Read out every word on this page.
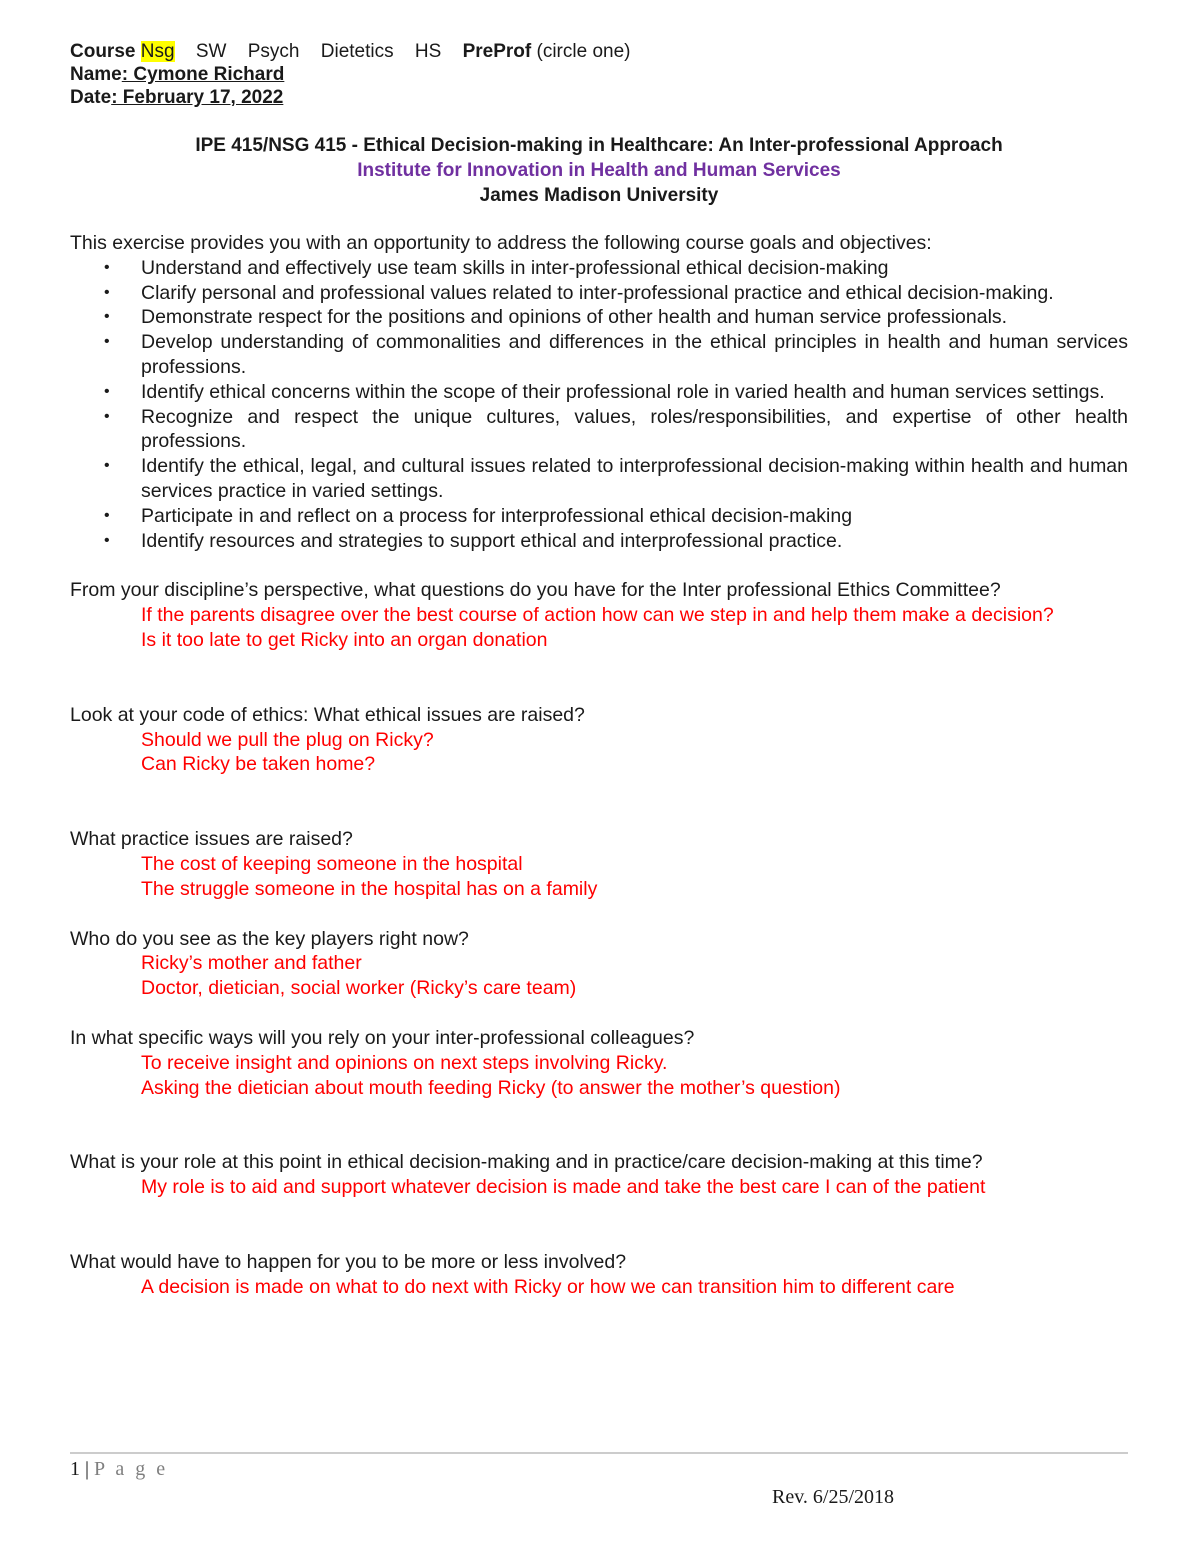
Course Nsg SW Psych Dietetics HS PreProf (circle one)
Name: Cymone Richard
Date: February 17, 2022
IPE 415/NSG 415 - Ethical Decision-making in Healthcare: An Inter-professional Approach
Institute for Innovation in Health and Human Services
James Madison University
This exercise provides you with an opportunity to address the following course goals and objectives:
• Understand and effectively use team skills in inter-professional ethical decision-making
• Clarify personal and professional values related to inter-professional practice and ethical decision-making.
• Demonstrate respect for the positions and opinions of other health and human service professionals.
• Develop understanding of commonalities and differences in the ethical principles in health and human services professions.
• Identify ethical concerns within the scope of their professional role in varied health and human services settings.
• Recognize and respect the unique cultures, values, roles/responsibilities, and expertise of other health professions.
• Identify the ethical, legal, and cultural issues related to interprofessional decision-making within health and human services practice in varied settings.
• Participate in and reflect on a process for interprofessional ethical decision-making
• Identify resources and strategies to support ethical and interprofessional practice.
From your discipline’s perspective, what questions do you have for the Inter professional Ethics Committee?
If the parents disagree over the best course of action how can we step in and help them make a decision?
Is it too late to get Ricky into an organ donation
Look at your code of ethics: What ethical issues are raised?
Should we pull the plug on Ricky?
Can Ricky be taken home?
What practice issues are raised?
The cost of keeping someone in the hospital
The struggle someone in the hospital has on a family
Who do you see as the key players right now?
Ricky’s mother and father
Doctor, dietician, social worker (Ricky’s care team)
In what specific ways will you rely on your inter-professional colleagues?
To receive insight and opinions on next steps involving Ricky.
Asking the dietician about mouth feeding Ricky (to answer the mother’s question)
What is your role at this point in ethical decision-making and in practice/care decision-making at this time?
My role is to aid and support whatever decision is made and take the best care I can of the patient
What would have to happen for you to be more or less involved?
A decision is made on what to do next with Ricky or how we can transition him to different care
1 | P a g e
Rev. 6/25/2018
